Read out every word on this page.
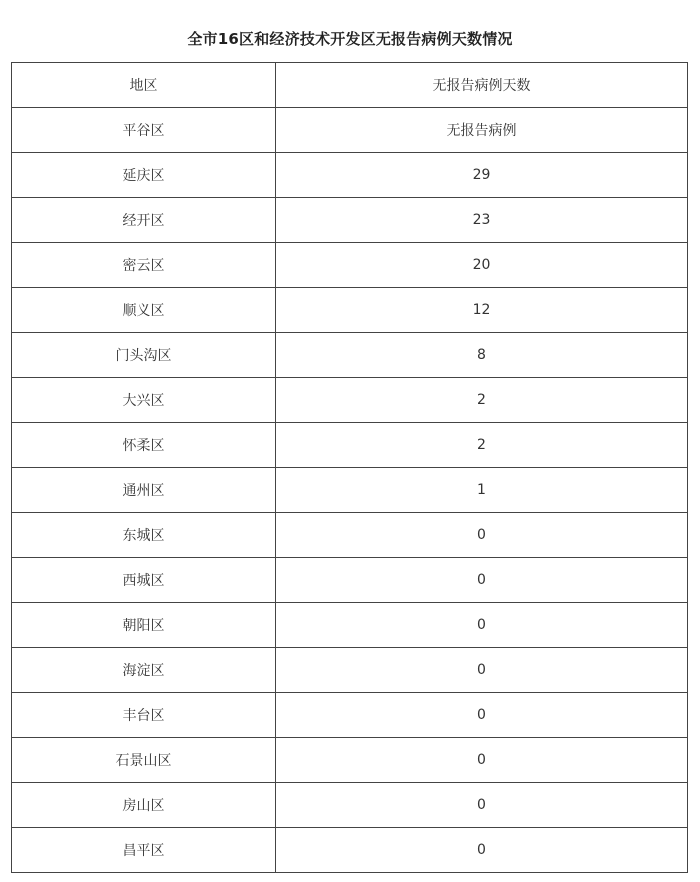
全市16区和经济技术开发区无报告病例天数情况
地区	无报告病例天数
平谷区	无报告病例
延庆区	29
经开区	23
密云区	20
顺义区	12
门头沟区	8
大兴区	2
怀柔区	2
通州区	1
东城区	0
西城区	0
朝阳区	0
海淀区	0
丰台区	0
石景山区	0
房山区	0
昌平区	0
